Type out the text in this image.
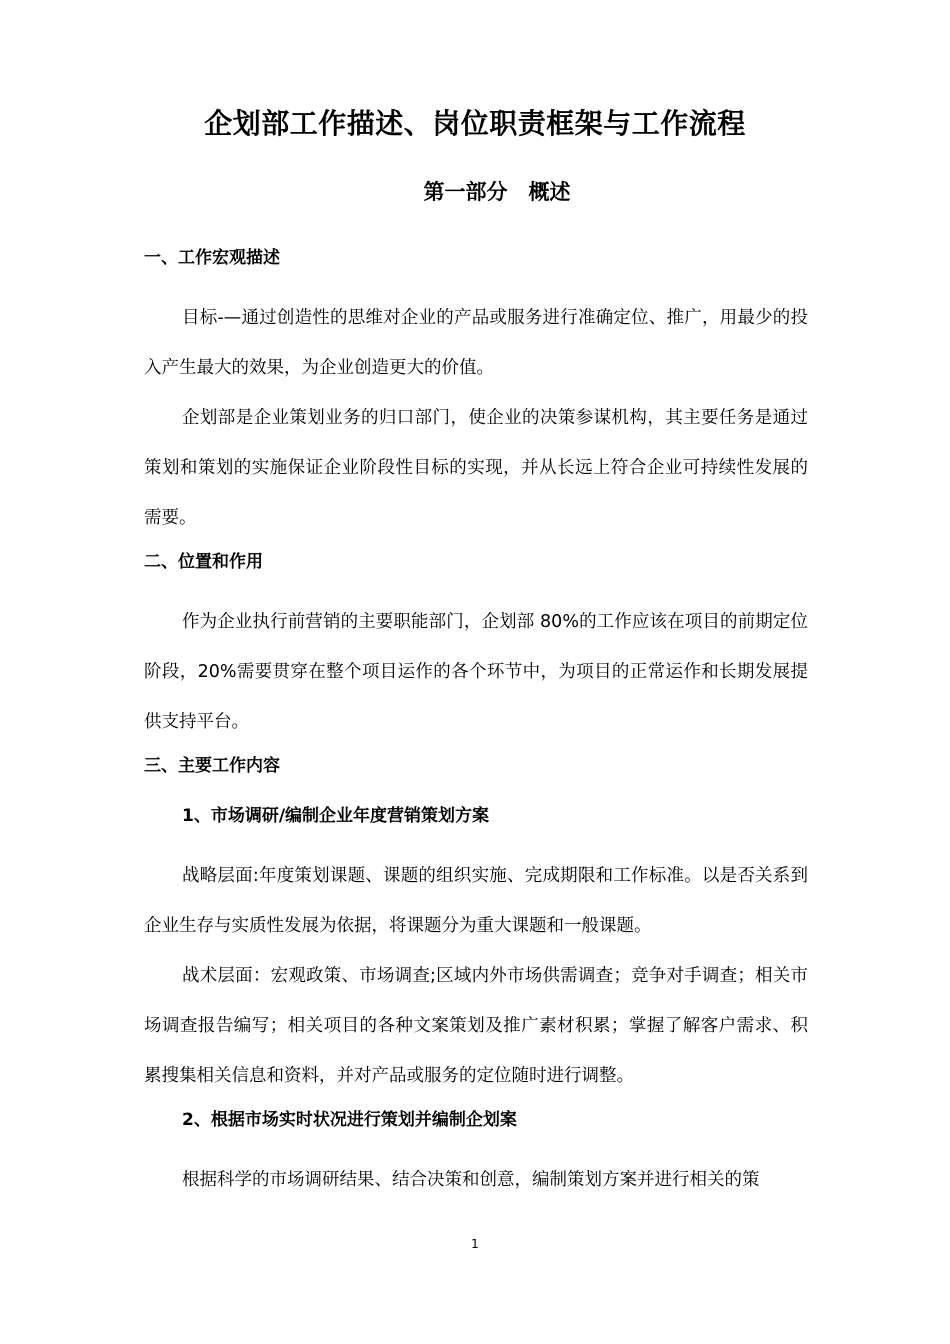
企划部工作描述、岗位职责框架与工作流程
第一部分　概述
一、工作宏观描述

目标-—通过创造性的思维对企业的产品或服务进行准确定位、推广，用最少的投入产生最大的效果，为企业创造更大的价值。

企划部是企业策划业务的归口部门，使企业的决策参谋机构，其主要任务是通过策划和策划的实施保证企业阶段性目标的实现，并从长远上符合企业可持续性发展的需要。

二、位置和作用

作为企业执行前营销的主要职能部门，企划部 80%的工作应该在项目的前期定位阶段，20%需要贯穿在整个项目运作的各个环节中，为项目的正常运作和长期发展提供支持平台。

三、主要工作内容
1、市场调研/编制企业年度营销策划方案

战略层面:年度策划课题、课题的组织实施、完成期限和工作标准。以是否关系到企业生存与实质性发展为依据，将课题分为重大课题和一般课题。

战术层面：宏观政策、市场调查;区域内外市场供需调查；竞争对手调查；相关市场调查报告编写；相关项目的各种文案策划及推广素材积累；掌握了解客户需求、积累搜集相关信息和资料，并对产品或服务的定位随时进行调整。

2、根据市场实时状况进行策划并编制企划案

根据科学的市场调研结果、结合决策和创意，编制策划方案并进行相关的策

1
